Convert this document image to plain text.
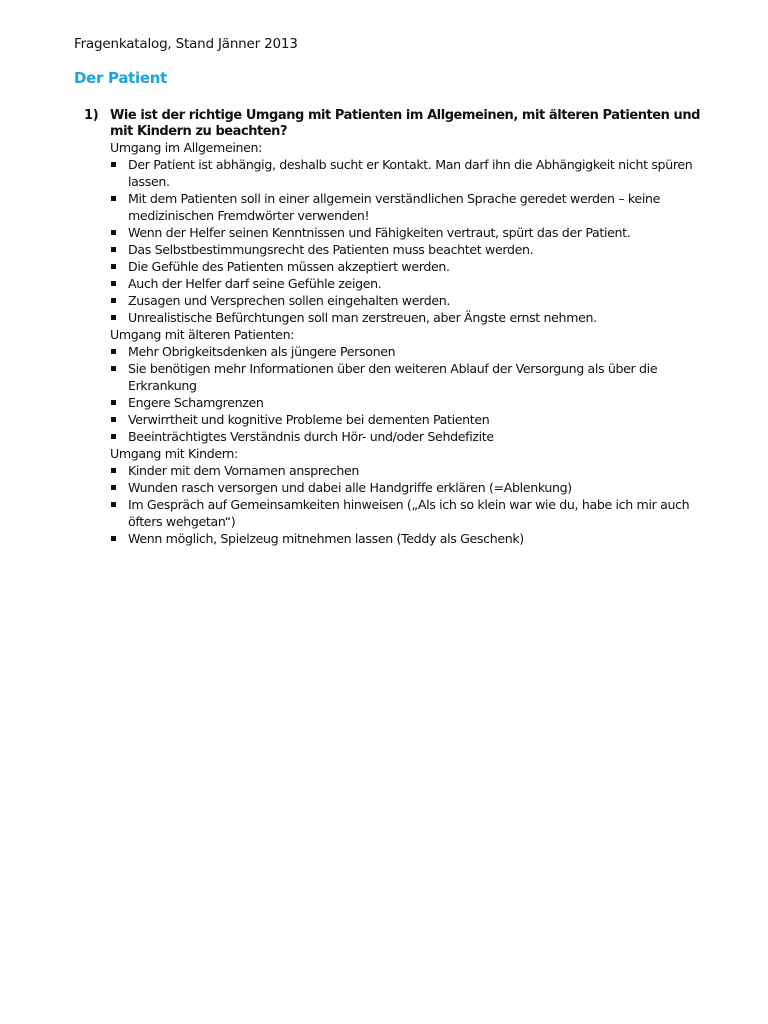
Fragenkatalog, Stand Jänner 2013
Der Patient
1) Wie ist der richtige Umgang mit Patienten im Allgemeinen, mit älteren Patienten und mit Kindern zu beachten?
Umgang im Allgemeinen:
Der Patient ist abhängig, deshalb sucht er Kontakt. Man darf ihn die Abhängigkeit nicht spüren lassen.
Mit dem Patienten soll in einer allgemein verständlichen Sprache geredet werden – keine medizinischen Fremdwörter verwenden!
Wenn der Helfer seinen Kenntnissen und Fähigkeiten vertraut, spürt das der Patient.
Das Selbstbestimmungsrecht des Patienten muss beachtet werden.
Die Gefühle des Patienten müssen akzeptiert werden.
Auch der Helfer darf seine Gefühle zeigen.
Zusagen und Versprechen sollen eingehalten werden.
Unrealistische Befürchtungen soll man zerstreuen, aber Ängste ernst nehmen.
Umgang mit älteren Patienten:
Mehr Obrigkeitsdenken als jüngere Personen
Sie benötigen mehr Informationen über den weiteren Ablauf der Versorgung als über die Erkrankung
Engere Schamgrenzen
Verwirrtheit und kognitive Probleme bei dementen Patienten
Beeinträchtigtes Verständnis durch Hör- und/oder Sehdefizite
Umgang mit Kindern:
Kinder mit dem Vornamen ansprechen
Wunden rasch versorgen und dabei alle Handgriffe erklären (=Ablenkung)
Im Gespräch auf Gemeinsamkeiten hinweisen („Als ich so klein war wie du, habe ich mir auch öfters wehgetan“)
Wenn möglich, Spielzeug mitnehmen lassen (Teddy als Geschenk)
